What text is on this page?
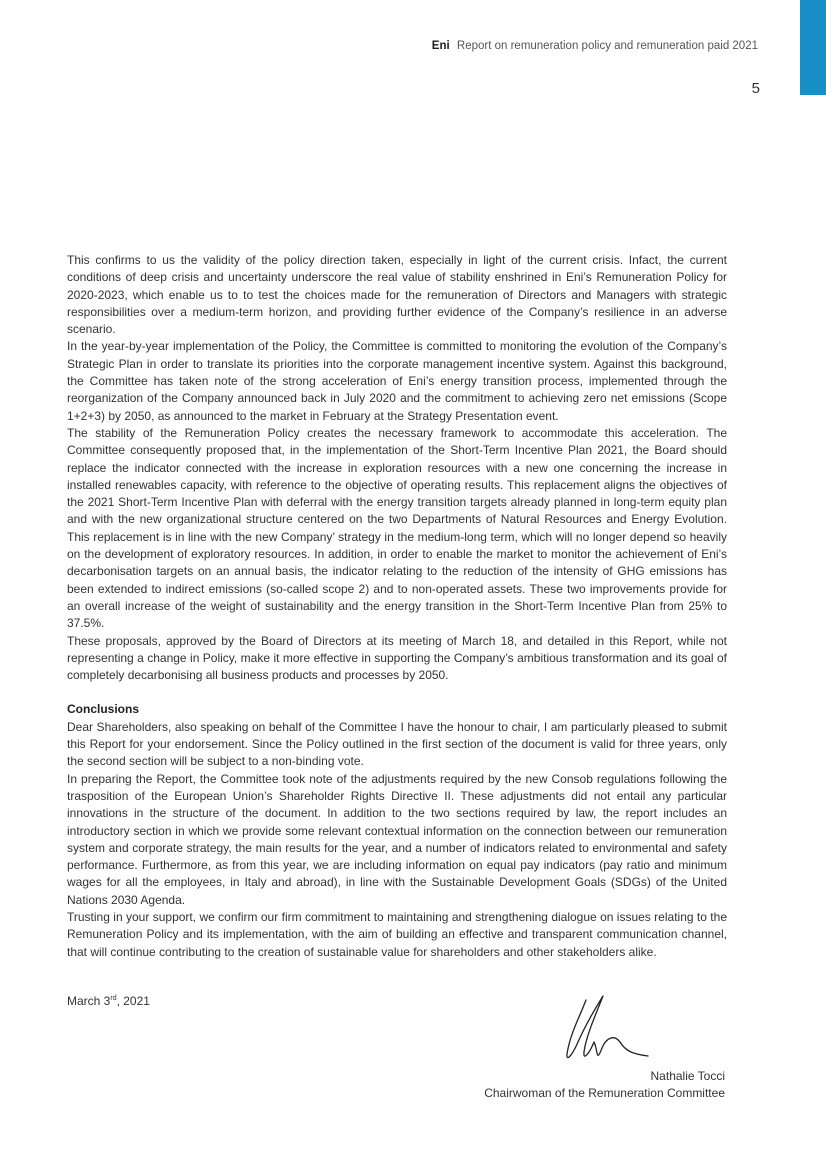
Eni Report on remuneration policy and remuneration paid 2021
5

This confirms to us the validity of the policy direction taken, especially in light of the current crisis. Infact, the current conditions of deep crisis and uncertainty underscore the real value of stability enshrined in Eni’s Remuneration Policy for 2020-2023, which enable us to to test the choices made for the remuneration of Directors and Managers with strategic responsibilities over a medium-term horizon, and providing further evidence of the Company’s resilience in an adverse scenario.

In the year-by-year implementation of the Policy, the Committee is committed to monitoring the evolution of the Company’s Strategic Plan in order to translate its priorities into the corporate management incentive system. Against this background, the Committee has taken note of the strong acceleration of Eni’s energy transition process, implemented through the reorganization of the Company announced back in July 2020 and the commitment to achieving zero net emissions (Scope 1+2+3) by 2050, as announced to the market in February at the Strategy Presentation event.

The stability of the Remuneration Policy creates the necessary framework to accommodate this acceleration. The Committee consequently proposed that, in the implementation of the Short-Term Incentive Plan 2021, the Board should replace the indicator connected with the increase in exploration resources with a new one concerning the increase in installed renewables capacity, with reference to the objective of operating results. This replacement aligns the objectives of the 2021 Short-Term Incentive Plan with deferral with the energy transition targets already planned in long-term equity plan and with the new organizational structure centered on the two Departments of Natural Resources and Energy Evolution. This replacement is in line with the new Company’ strategy in the medium-long term, which will no longer depend so heavily on the development of exploratory resources. In addition, in order to enable the market to monitor the achievement of Eni’s decarbonisation targets on an annual basis, the indicator relating to the reduction of the intensity of GHG emissions has been extended to indirect emissions (so-called scope 2) and to non-operated assets. These two improvements provide for an overall increase of the weight of sustainability and the energy transition in the Short-Term Incentive Plan from 25% to 37.5%.

These proposals, approved by the Board of Directors at its meeting of March 18, and detailed in this Report, while not representing a change in Policy, make it more effective in supporting the Company’s ambitious transformation and its goal of completely decarbonising all business products and processes by 2050.

Conclusions

Dear Shareholders, also speaking on behalf of the Committee I have the honour to chair, I am particularly pleased to submit this Report for your endorsement. Since the Policy outlined in the first section of the document is valid for three years, only the second section will be subject to a non-binding vote.

In preparing the Report, the Committee took note of the adjustments required by the new Consob regulations following the trasposition of the European Union’s Shareholder Rights Directive II. These adjustments did not entail any particular innovations in the structure of the document. In addition to the two sections required by law, the report includes an introductory section in which we provide some relevant contextual information on the connection between our remuneration system and corporate strategy, the main results for the year, and a number of indicators related to environmental and safety performance. Furthermore, as from this year, we are including information on equal pay indicators (pay ratio and minimum wages for all the employees, in Italy and abroad), in line with the Sustainable Development Goals (SDGs) of the United Nations 2030 Agenda.

Trusting in your support, we confirm our firm commitment to maintaining and strengthening dialogue on issues relating to the Remuneration Policy and its implementation, with the aim of building an effective and transparent communication channel, that will continue contributing to the creation of sustainable value for shareholders and other stakeholders alike.

March 3rd, 2021
Nathalie Tocci
Chairwoman of the Remuneration Committee
